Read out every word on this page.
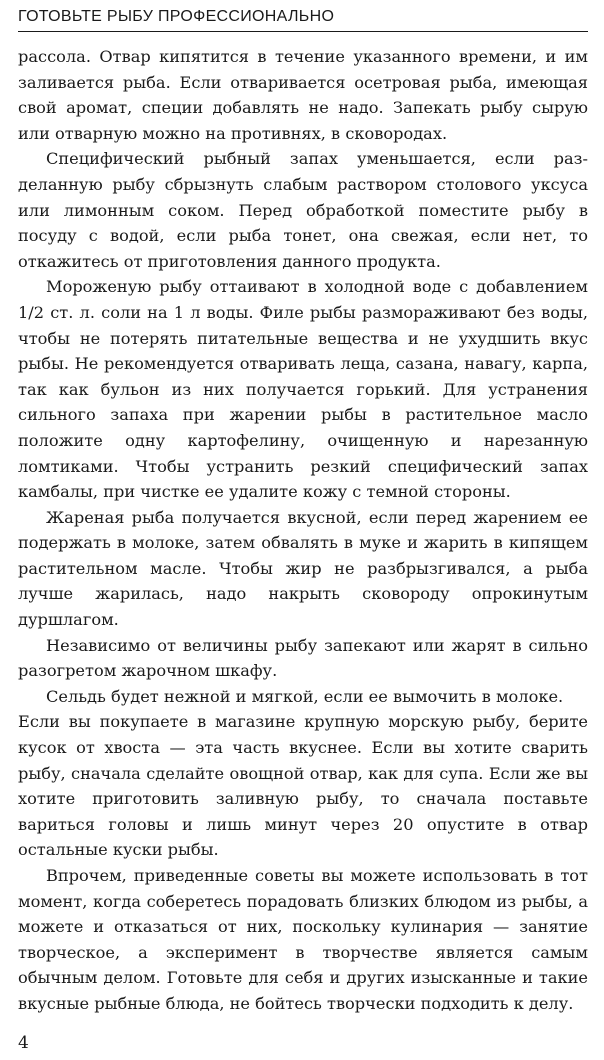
ГОТОВЬТЕ РЫБУ ПРОФЕССИОНАЛЬНО

рассола. Отвар кипятится в течение указанного времени, и им заливается рыба. Если отваривается осетровая рыба, имеющая свой аромат, специи добавлять не надо. Запекать рыбу сырую или отварную можно на противнях, в сковородах.

Специфический рыбный запах уменьшается, если разделанную рыбу сбрызнуть слабым раствором столового уксуса или лимонным соком. Перед обработкой поместите рыбу в посуду с водой, если рыба тонет, она свежая, если нет, то откажитесь от приготовления данного продукта.

Мороженую рыбу оттаивают в холодной воде с добавлением 1/2 ст. л. соли на 1 л воды. Филе рыбы размораживают без воды, чтобы не потерять питательные вещества и не ухудшить вкус рыбы. Не рекомендуется отваривать леща, сазана, навагу, карпа, так как бульон из них получается горький. Для устранения сильного запаха при жарении рыбы в растительное масло положите одну картофелину, очищенную и нарезанную ломтиками. Чтобы устранить резкий специфический запах камбалы, при чистке ее удалите кожу с темной стороны.

Жареная рыба получается вкусной, если перед жарением ее подержать в молоке, затем обвалять в муке и жарить в кипящем растительном масле. Чтобы жир не разбрызгивался, а рыба лучше жарилась, надо накрыть сковороду опрокинутым дуршлагом.

Независимо от величины рыбу запекают или жарят в сильно разогретом жарочном шкафу.

Сельдь будет нежной и мягкой, если ее вымочить в молоке.

Если вы покупаете в магазине крупную морскую рыбу, берите кусок от хвоста — эта часть вкуснее. Если вы хотите сварить рыбу, сначала сделайте овощной отвар, как для супа. Если же вы хотите приготовить заливную рыбу, то сначала поставьте вариться головы и лишь минут через 20 опустите в отвар остальные куски рыбы.

Впрочем, приведенные советы вы можете использовать в тот момент, когда соберетесь порадовать близких блюдом из рыбы, а можете и отказаться от них, поскольку кулинария — занятие творческое, а эксперимент в творчестве является самым обычным делом. Готовьте для себя и других изысканные и такие вкусные рыбные блюда, не бойтесь творчески подходить к делу.

4
